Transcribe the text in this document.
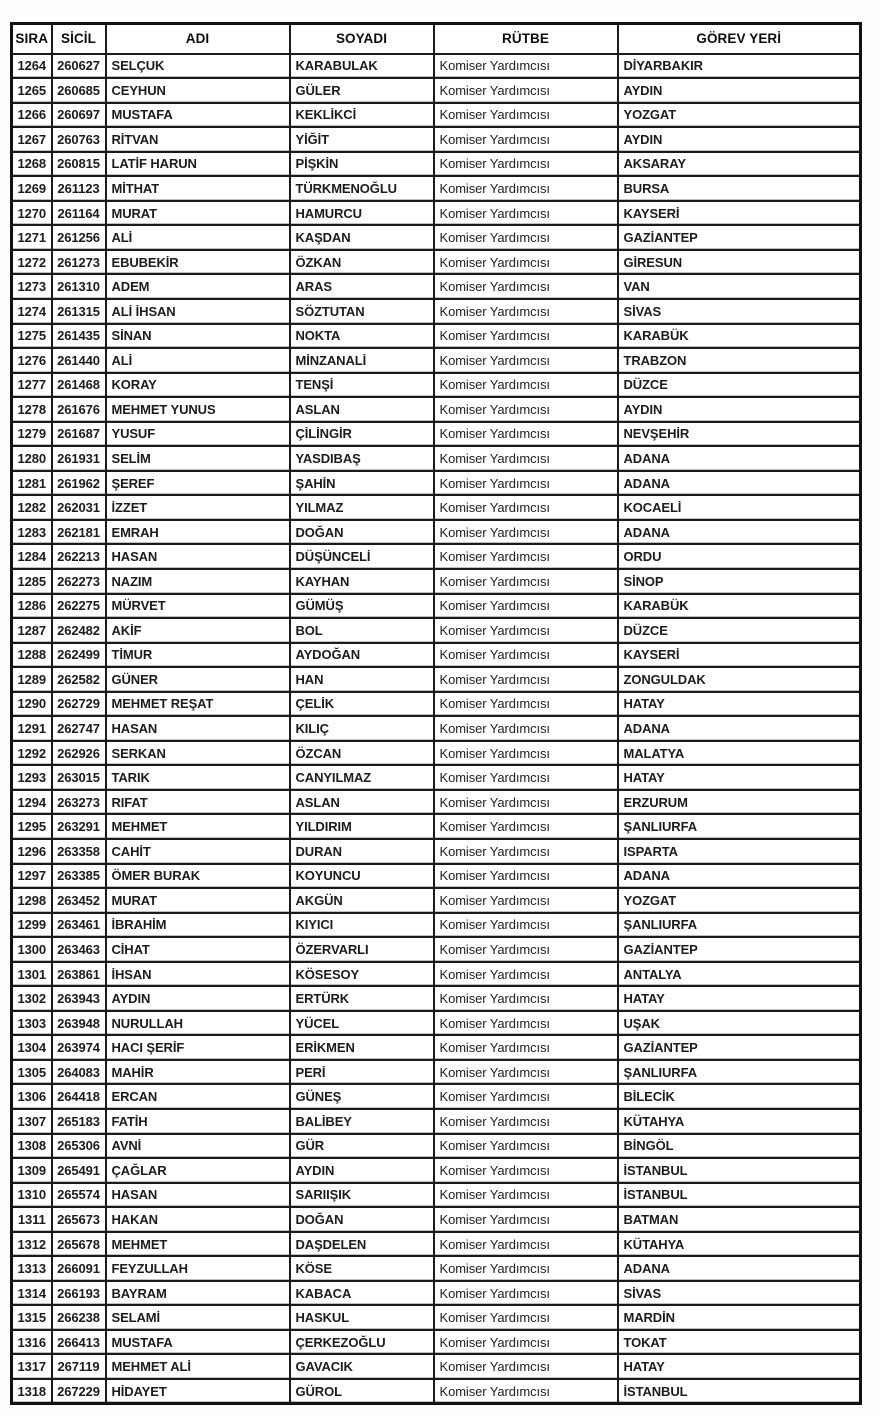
SIRA	SİCİL	ADI	SOYADI	RÜTBE	GÖREV YERİ
1264	260627	SELÇUK	KARABULAK	Komiser Yardımcısı	DİYARBAKIR
1265	260685	CEYHUN	GÜLER	Komiser Yardımcısı	AYDIN
1266	260697	MUSTAFA	KEKLİKCİ	Komiser Yardımcısı	YOZGAT
1267	260763	RİTVAN	YİĞİT	Komiser Yardımcısı	AYDIN
1268	260815	LATİF HARUN	PİŞKİN	Komiser Yardımcısı	AKSARAY
1269	261123	MİTHAT	TÜRKMENOĞLU	Komiser Yardımcısı	BURSA
1270	261164	MURAT	HAMURCU	Komiser Yardımcısı	KAYSERİ
1271	261256	ALİ	KAŞDAN	Komiser Yardımcısı	GAZİANTEP
1272	261273	EBUBEKİR	ÖZKAN	Komiser Yardımcısı	GİRESUN
1273	261310	ADEM	ARAS	Komiser Yardımcısı	VAN
1274	261315	ALİ İHSAN	SÖZTUTAN	Komiser Yardımcısı	SİVAS
1275	261435	SİNAN	NOKTA	Komiser Yardımcısı	KARABÜK
1276	261440	ALİ	MİNZANALİ	Komiser Yardımcısı	TRABZON
1277	261468	KORAY	TENŞİ	Komiser Yardımcısı	DÜZCE
1278	261676	MEHMET YUNUS	ASLAN	Komiser Yardımcısı	AYDIN
1279	261687	YUSUF	ÇİLİNGİR	Komiser Yardımcısı	NEVŞEHİR
1280	261931	SELİM	YASDIBAŞ	Komiser Yardımcısı	ADANA
1281	261962	ŞEREF	ŞAHİN	Komiser Yardımcısı	ADANA
1282	262031	İZZET	YILMAZ	Komiser Yardımcısı	KOCAELİ
1283	262181	EMRAH	DOĞAN	Komiser Yardımcısı	ADANA
1284	262213	HASAN	DÜŞÜNCELİ	Komiser Yardımcısı	ORDU
1285	262273	NAZIM	KAYHAN	Komiser Yardımcısı	SİNOP
1286	262275	MÜRVET	GÜMÜŞ	Komiser Yardımcısı	KARABÜK
1287	262482	AKİF	BOL	Komiser Yardımcısı	DÜZCE
1288	262499	TİMUR	AYDOĞAN	Komiser Yardımcısı	KAYSERİ
1289	262582	GÜNER	HAN	Komiser Yardımcısı	ZONGULDAK
1290	262729	MEHMET REŞAT	ÇELİK	Komiser Yardımcısı	HATAY
1291	262747	HASAN	KILIÇ	Komiser Yardımcısı	ADANA
1292	262926	SERKAN	ÖZCAN	Komiser Yardımcısı	MALATYA
1293	263015	TARIK	CANYILMAZ	Komiser Yardımcısı	HATAY
1294	263273	RIFAT	ASLAN	Komiser Yardımcısı	ERZURUM
1295	263291	MEHMET	YILDIRIM	Komiser Yardımcısı	ŞANLIURFA
1296	263358	CAHİT	DURAN	Komiser Yardımcısı	ISPARTA
1297	263385	ÖMER BURAK	KOYUNCU	Komiser Yardımcısı	ADANA
1298	263452	MURAT	AKGÜN	Komiser Yardımcısı	YOZGAT
1299	263461	İBRAHİM	KIYICI	Komiser Yardımcısı	ŞANLIURFA
1300	263463	CİHAT	ÖZERVARLI	Komiser Yardımcısı	GAZİANTEP
1301	263861	İHSAN	KÖSESOY	Komiser Yardımcısı	ANTALYA
1302	263943	AYDIN	ERTÜRK	Komiser Yardımcısı	HATAY
1303	263948	NURULLAH	YÜCEL	Komiser Yardımcısı	UŞAK
1304	263974	HACI ŞERİF	ERİKMEN	Komiser Yardımcısı	GAZİANTEP
1305	264083	MAHİR	PERİ	Komiser Yardımcısı	ŞANLIURFA
1306	264418	ERCAN	GÜNEŞ	Komiser Yardımcısı	BİLECİK
1307	265183	FATİH	BALİBEY	Komiser Yardımcısı	KÜTAHYA
1308	265306	AVNİ	GÜR	Komiser Yardımcısı	BİNGÖL
1309	265491	ÇAĞLAR	AYDIN	Komiser Yardımcısı	İSTANBUL
1310	265574	HASAN	SARIIŞIK	Komiser Yardımcısı	İSTANBUL
1311	265673	HAKAN	DOĞAN	Komiser Yardımcısı	BATMAN
1312	265678	MEHMET	DAŞDELEN	Komiser Yardımcısı	KÜTAHYA
1313	266091	FEYZULLAH	KÖSE	Komiser Yardımcısı	ADANA
1314	266193	BAYRAM	KABACA	Komiser Yardımcısı	SİVAS
1315	266238	SELAMİ	HASKUL	Komiser Yardımcısı	MARDİN
1316	266413	MUSTAFA	ÇERKEZOĞLU	Komiser Yardımcısı	TOKAT
1317	267119	MEHMET ALİ	GAVACIK	Komiser Yardımcısı	HATAY
1318	267229	HİDAYET	GÜROL	Komiser Yardımcısı	İSTANBUL
